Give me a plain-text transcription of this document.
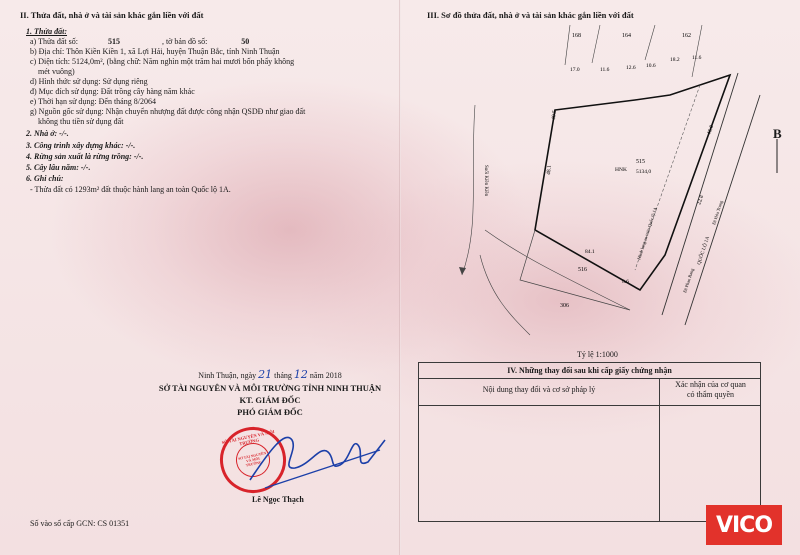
II. Thửa đất, nhà ở và tài sản khác gắn liền với đất
1. Thửa đất:
a) Thửa đất số:	515	, tờ bản đồ số:	50
b) Địa chỉ: Thôn Kiền Kiền 1, xã Lợi Hải, huyện Thuận Bắc, tỉnh Ninh Thuận
c) Diện tích: 5124,0m², (bằng chữ: Năm nghìn một trăm hai mươi bốn phẩy không
mét vuông)
d) Hình thức sử dụng: Sử dụng riêng
đ) Mục đích sử dụng: Đất trồng cây hàng năm khác
e) Thời hạn sử dụng: Đến tháng 8/2064
g) Nguồn gốc sử dụng: Nhận chuyển nhượng đất được công nhận QSDĐ như giao đất
không thu tiền sử dụng đất
2. Nhà ở: -/-.
3. Công trình xây dựng khác: -/-.
4. Rừng sản xuất là rừng trồng: -/-.
5. Cây lâu năm: -/-.
6. Ghi chú:
- Thửa đất có 1293m² đất thuộc hành lang an toàn Quốc lộ 1A.
Ninh Thuận, ngày 21 tháng 12 năm 2018
SỞ TÀI NGUYÊN VÀ MÔI TRƯỜNG TỈNH NINH THUẬN
KT. GIÁM ĐỐC
PHÓ GIÁM ĐỐC
SỞ TÀI NGUYÊN VÀ MÔI TRƯỜNG
SỞ TÀI NGUYÊN VÀ MÔI TRƯỜNG
Lê Ngọc Thạch
Số vào sổ cấp GCN: CS 01351
III. Sơ đồ thửa đất, nhà ở và tài sản khác gắn liền với đất
B
17.0	11.6	12.6 10.6
18.2 11.6
48.1
46.8
40.5
84.1
22.8
8.6
168	164	162
515
HNK 5134,0
516
306
Suối Kiền Kiền
Hành lang an toàn Quốc lộ 1A	Đi Hòa Trung
QUỐC LỘ 1A
Đi Phan Rang
Tỷ lệ 1:1000
IV. Những thay đổi sau khi cấp giấy chứng nhận
Nội dung thay đổi và cơ sở pháp lý
Xác nhận của cơ quan
có thẩm quyền
VICO
